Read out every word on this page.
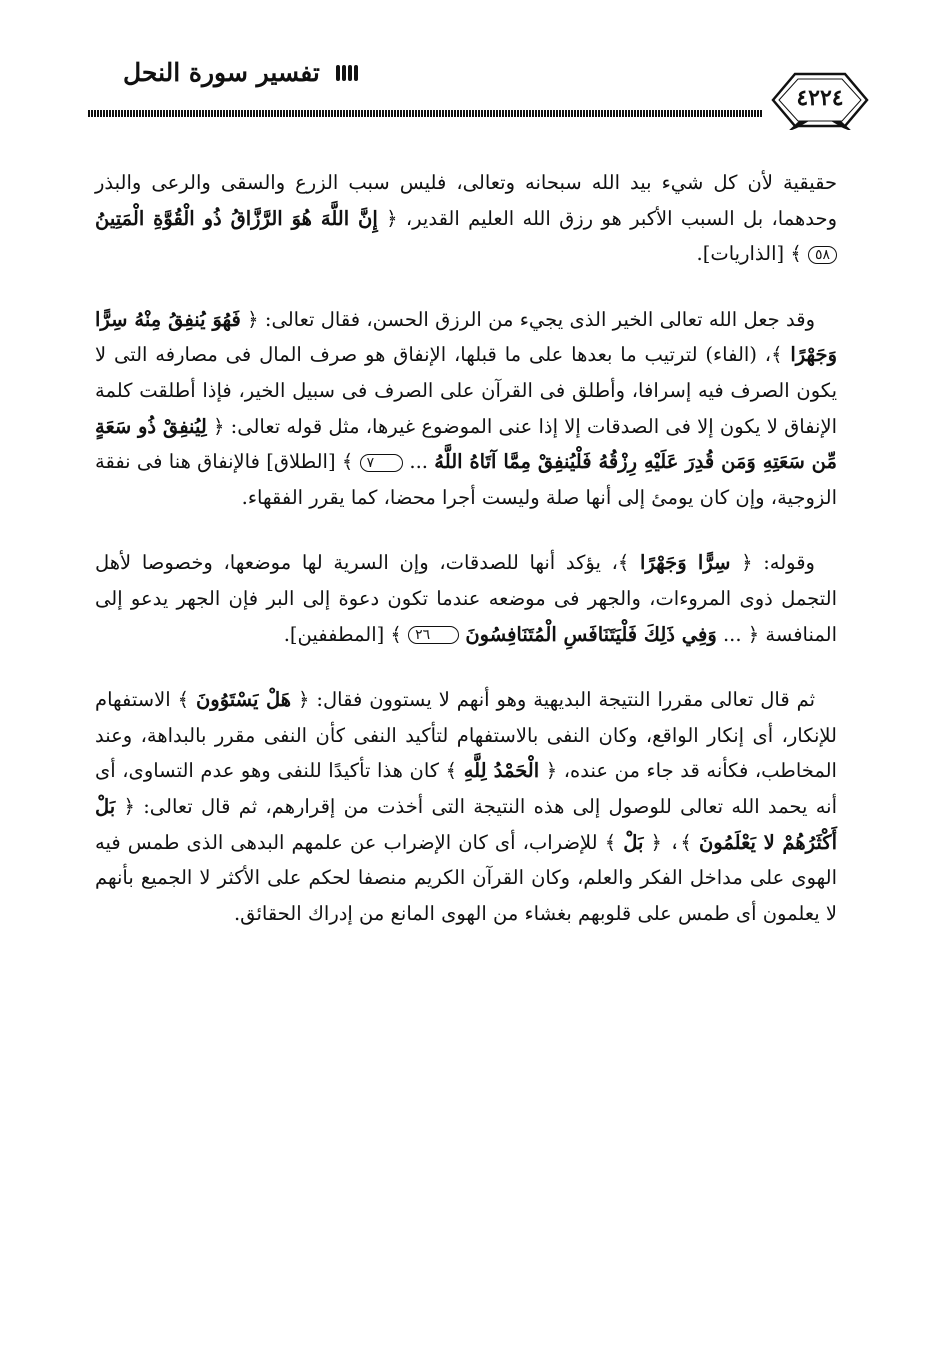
تفسير سورة النحل
٤٢٢٤

حقيقية لأن كل شيء بيد الله سبحانه وتعالى، فليس سبب الزرع والسقى والرعى والبذر وحدهما، بل السبب الأكبر هو رزق الله العليم القدير، ﴿ إِنَّ اللَّهَ هُوَ الرَّزَّاقُ ذُو الْقُوَّةِ الْمَتِينُ ٥٨ ﴾ [الذاريات].

وقد جعل الله تعالى الخير الذى يجيء من الرزق الحسن، فقال تعالى: ﴿ فَهُوَ يُنفِقُ مِنْهُ سِرًّا وَجَهْرًا ﴾، (الفاء) لترتيب ما بعدها على ما قبلها، الإنفاق هو صرف المال فى مصارفه التى لا يكون الصرف فيه إسرافا، وأطلق فى القرآن على الصرف فى سبيل الخير، فإذا أطلقت كلمة الإنفاق لا يكون إلا فى الصدقات إلا إذا عنى الموضوع غيرها، مثل قوله تعالى: ﴿ لِيُنفِقْ ذُو سَعَةٍ مِّن سَعَتِهِ وَمَن قُدِرَ عَلَيْهِ رِزْقُهُ فَلْيُنفِقْ مِمَّا آتَاهُ اللَّهُ ... ٧ ﴾ [الطلاق] فالإنفاق هنا فى نفقة الزوجية، وإن كان يومئ إلى أنها صلة وليست أجرا محضا، كما يقرر الفقهاء.

وقوله: ﴿ سِرًّا وَجَهْرًا ﴾، يؤكد أنها للصدقات، وإن السرية لها موضعها، وخصوصا لأهل التجمل ذوى المروءات، والجهر فى موضعه عندما تكون دعوة إلى البر فإن الجهر يدعو إلى المنافسة ﴿ ... وَفِي ذَلِكَ فَلْيَتَنَافَسِ الْمُتَنَافِسُونَ ٢٦ ﴾ [المطففين].

ثم قال تعالى مقررا النتيجة البديهية وهو أنهم لا يستوون فقال: ﴿ هَلْ يَسْتَوُونَ ﴾ الاستفهام للإنكار، أى إنكار الواقع، وكان النفى بالاستفهام لتأكيد النفى كأن النفى مقرر بالبداهة، وعند المخاطب، فكأنه قد جاء من عنده، ﴿ الْحَمْدُ لِلَّهِ ﴾ كان هذا تأكيدًا للنفى وهو عدم التساوى، أى أنه يحمد الله تعالى للوصول إلى هذه النتيجة التى أخذت من إقرارهم، ثم قال تعالى: ﴿ بَلْ أَكْثَرُهُمْ لا يَعْلَمُونَ ﴾، ﴿ بَلْ ﴾ للإضراب، أى كان الإضراب عن علمهم البدهى الذى طمس فيه الهوى على مداخل الفكر والعلم، وكان القرآن الكريم منصفا لحكم على الأكثر لا الجميع بأنهم لا يعلمون أى طمس على قلوبهم بغشاء من الهوى المانع من إدراك الحقائق.
